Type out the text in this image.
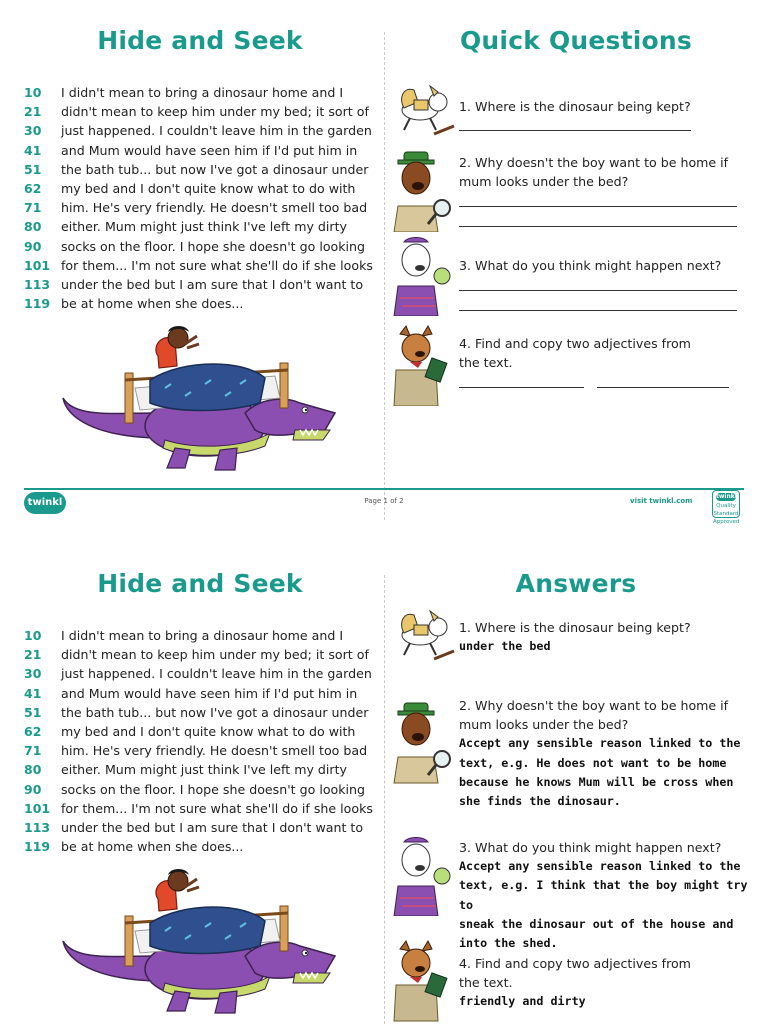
Hide and Seek	Quick Questions
10	I didn't mean to bring a dinosaur home and I
21	didn't mean to keep him under my bed; it sort of
30	just happened. I couldn't leave him in the garden
41	and Mum would have seen him if I'd put him in
51	the bath tub... but now I've got a dinosaur under
62	my bed and I don't quite know what to do with
71	him. He's very friendly. He doesn't smell too bad
80	either. Mum might just think I've left my dirty
90	socks on the floor. I hope she doesn't go looking
101 for them... I'm not sure what she'll do if she looks
113 under the bed but I am sure that I don't want to
119 be at home when she does...
1. Where is the dinosaur being kept?
2. Why doesn't the boy want to be home if
mum looks under the bed?
3. What do you think might happen next?
4. Find and copy two adjectives from
the text.
twinkl	Page 1 of 2	visit twinkl.com
twinkl
Quality Standard Approved
Hide and Seek	Answers
10	I didn't mean to bring a dinosaur home and I
21	didn't mean to keep him under my bed; it sort of
30	just happened. I couldn't leave him in the garden
41	and Mum would have seen him if I'd put him in
51	the bath tub... but now I've got a dinosaur under
62	my bed and I don't quite know what to do with
71	him. He's very friendly. He doesn't smell too bad
80	either. Mum might just think I've left my dirty
90	socks on the floor. I hope she doesn't go looking
101 for them... I'm not sure what she'll do if she looks
113 under the bed but I am sure that I don't want to
119 be at home when she does...
1. Where is the dinosaur being kept?
under the bed
2. Why doesn't the boy want to be home if
mum looks under the bed?
Accept any sensible reason linked to the
text, e.g. He does not want to be home
because he knows Mum will be cross when
she finds the dinosaur.
3. What do you think might happen next?
Accept any sensible reason linked to the
text, e.g. I think that the boy might try to
sneak the dinosaur out of the house and
into the shed.
4. Find and copy two adjectives from
the text.
friendly and dirty
